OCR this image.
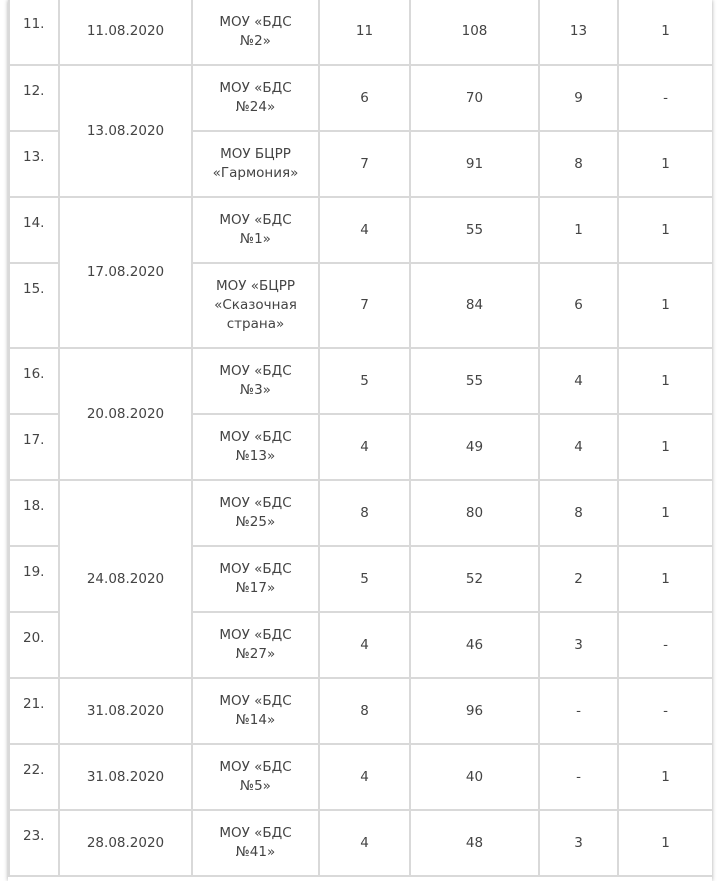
11.	11.08.2020	МОУ «БДС
№2»	11	108	13	1
12.	13.08.2020	МОУ «БДС
№24»	6	70	9	-
13.		МОУ БЦРР
«Гармония»	7	91	8	1
14.	17.08.2020	МОУ «БДС
№1»	4	55	1	1
15.		МОУ «БЦРР
«Сказочная
страна»	7	84	6	1
16.	20.08.2020	МОУ «БДС
№3»	5	55	4	1
17.		МОУ «БДС
№13»	4	49	4	1
18.	24.08.2020	МОУ «БДС
№25»	8	80	8	1
19.		МОУ «БДС
№17»	5	52	2	1
20.		МОУ «БДС
№27»	4	46	3	-
21.	31.08.2020	МОУ «БДС
№14»	8	96	-	-
22.	31.08.2020	МОУ «БДС
№5»	4	40	-	1
23.	28.08.2020	МОУ «БДС
№41»	4	48	3	1
